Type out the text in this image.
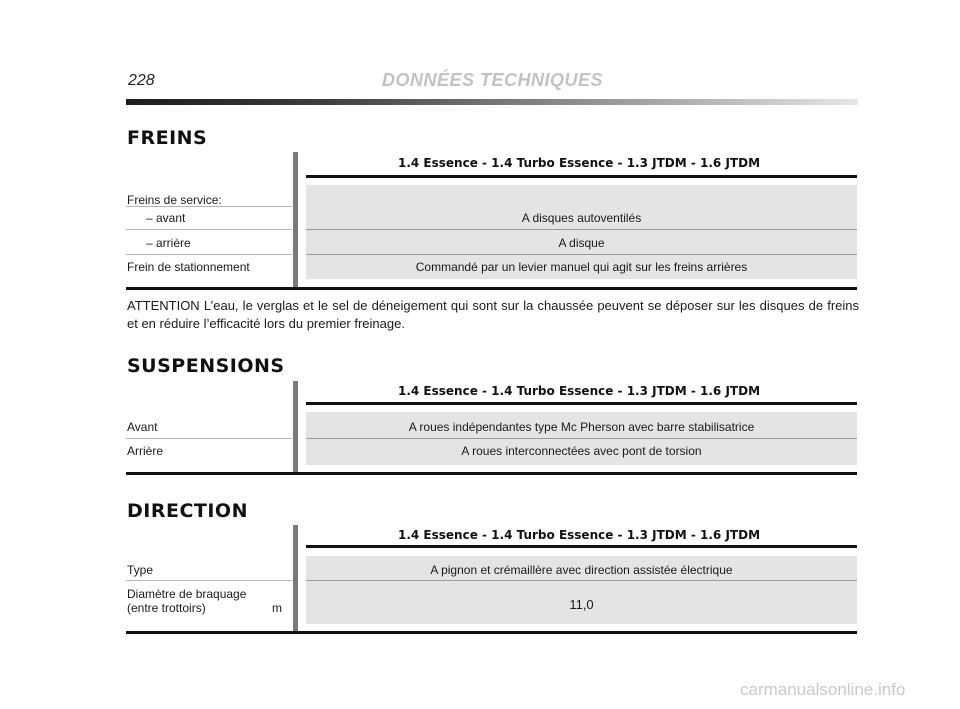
228	DONNÉES TECHNIQUES
FREINS
1.4 Essence - 1.4 Turbo Essence - 1.3 JTDM - 1.6 JTDM
Freins de service:
– avant	A disques autoventilés
– arrière	A disque
Frein de stationnement	Commandé par un levier manuel qui agit sur les freins arrières
ATTENTION L’eau, le verglas et le sel de déneigement qui sont sur la chaussée peuvent se déposer sur les disques de freins et en réduire l’efficacité lors du premier freinage.
SUSPENSIONS
1.4 Essence - 1.4 Turbo Essence - 1.3 JTDM - 1.6 JTDM
Avant	A roues indépendantes type Mc Pherson avec barre stabilisatrice
Arrière	A roues interconnectées avec pont de torsion
DIRECTION
1.4 Essence - 1.4 Turbo Essence - 1.3 JTDM - 1.6 JTDM
Type	A pignon et crémaillère avec direction assistée électrique
Diamètre de braquage
(entre trottoirs)	m	11,0
carmanualsonline.info
